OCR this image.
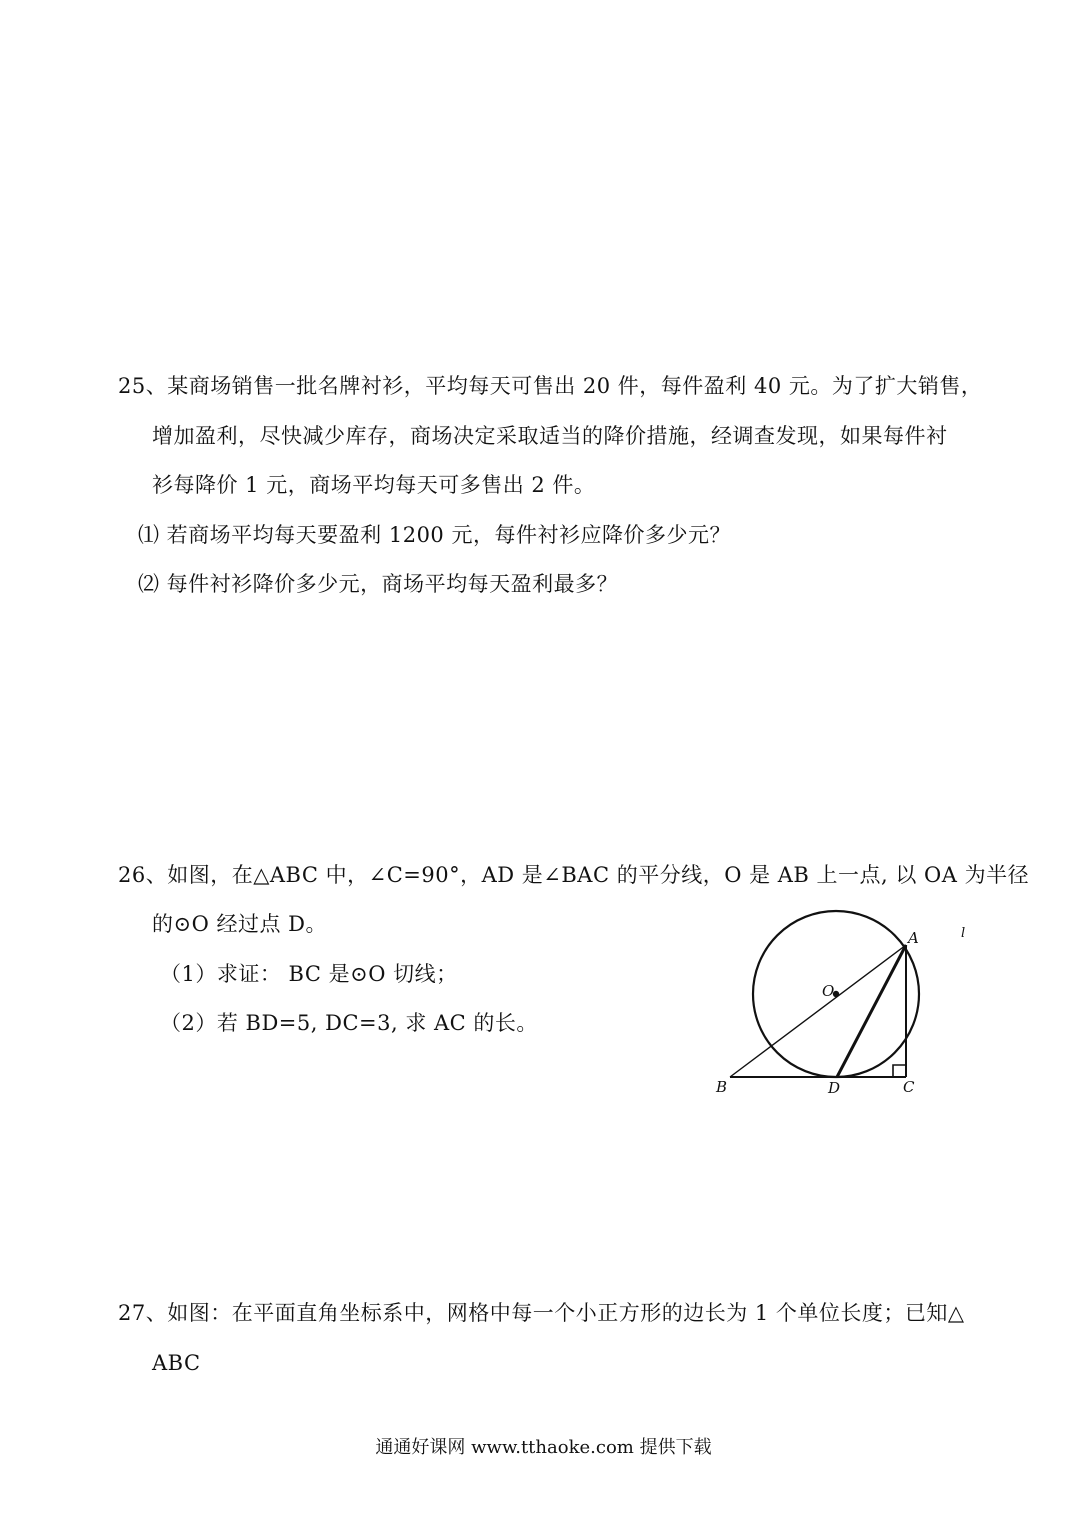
25、某商场销售一批名牌衬衫，平均每天可售出 20 件，每件盈利 40 元。为了扩大销售，
增加盈利，尽快减少库存，商场决定采取适当的降价措施，经调查发现，如果每件衬
衫每降价 1 元，商场平均每天可多售出 2 件。
⑴ 若商场平均每天要盈利 1200 元，每件衬衫应降价多少元？
⑵ 每件衬衫降价多少元，商场平均每天盈利最多？
26、如图，在△ABC 中，∠C=90°，AD 是∠BAC 的平分线，O 是 AB 上一点, 以 OA 为半径
的⊙O 经过点 D。
（1）求证： BC 是⊙O 切线；
（2）若 BD=5, DC=3, 求 AC 的长。
A
O
B	D	C
l
27、如图：在平面直角坐标系中，网格中每一个小正方形的边长为 1 个单位长度；已知△
ABC
通通好课网 www.tthaoke.com 提供下载
